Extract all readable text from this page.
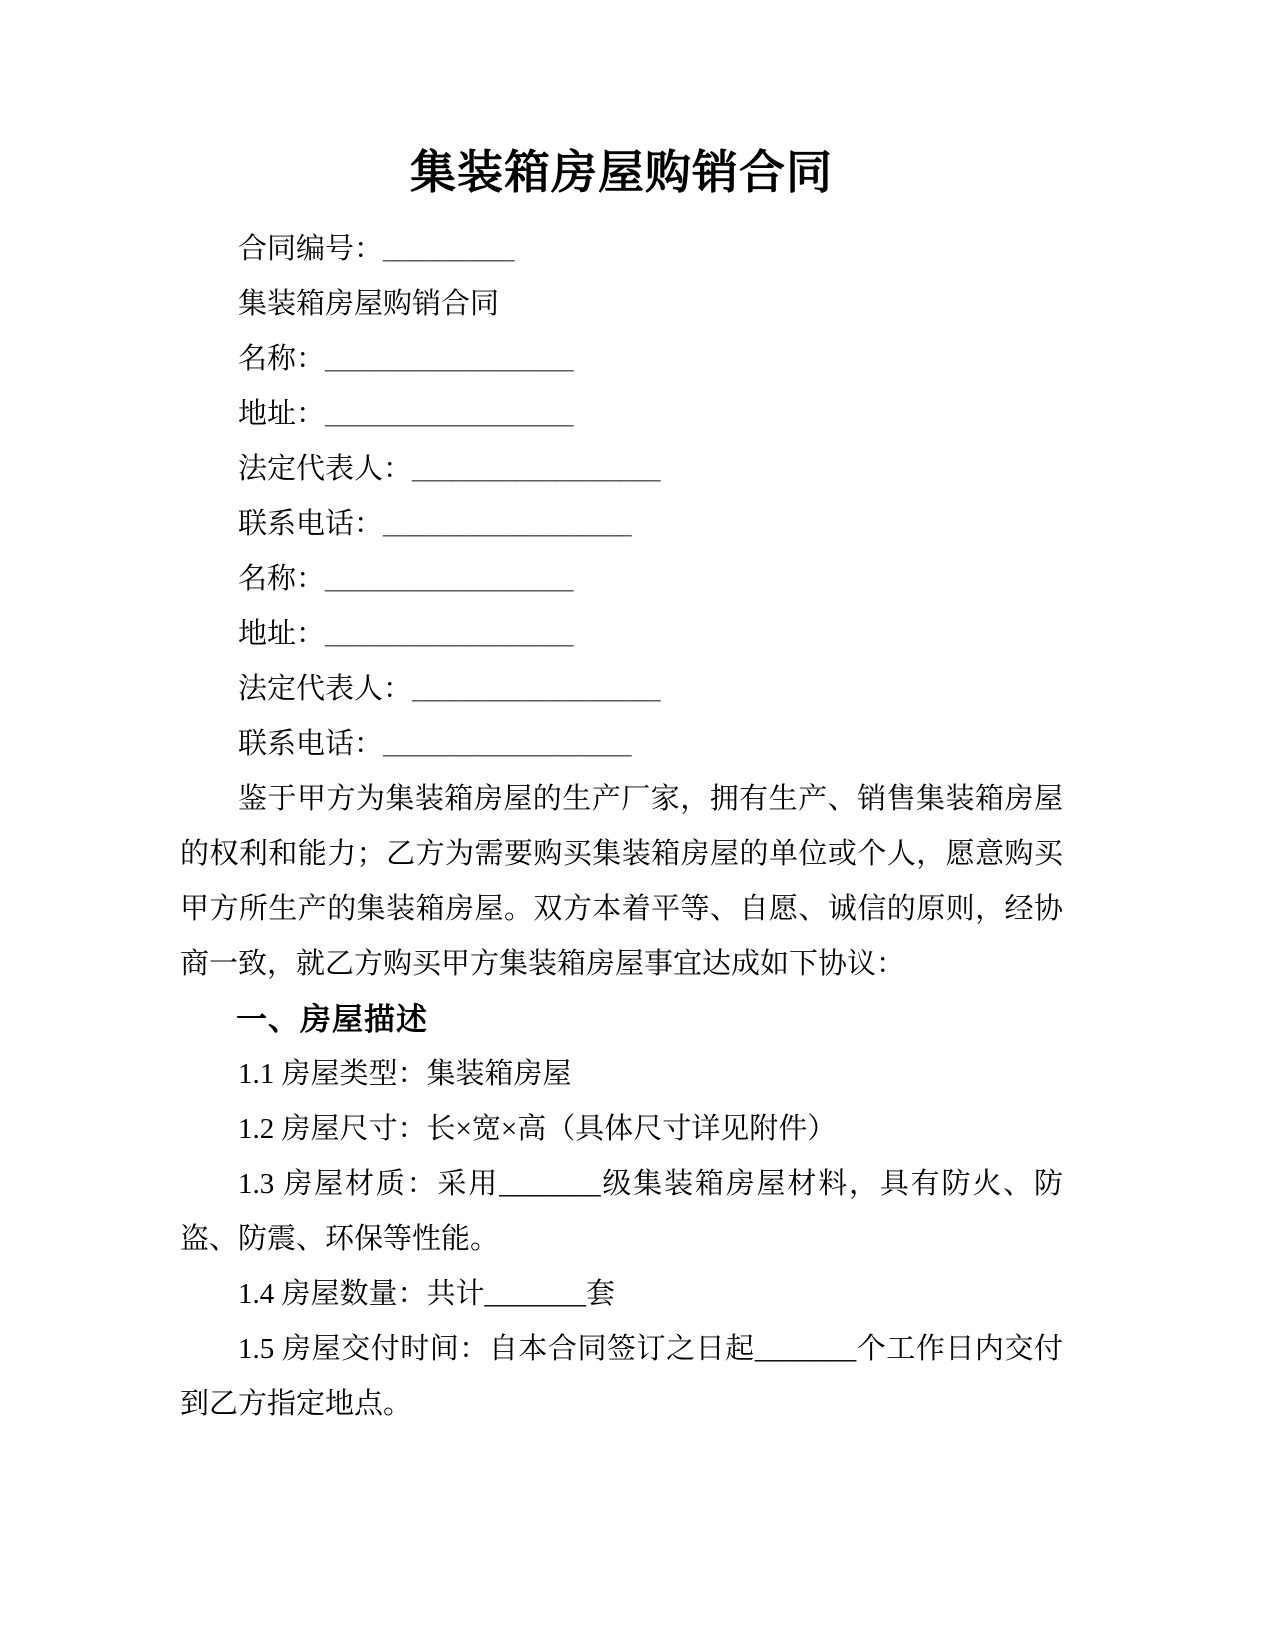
集装箱房屋购销合同

合同编号：__________

集装箱房屋购销合同

名称：___________________

地址：___________________

法定代表人：___________________

联系电话：___________________

名称：___________________

地址：___________________

法定代表人：___________________

联系电话：___________________

鉴于甲方为集装箱房屋的生产厂家，拥有生产、销售集装箱房屋的权利和能力；乙方为需要购买集装箱房屋的单位或个人，愿意购买甲方所生产的集装箱房屋。双方本着平等、自愿、诚信的原则，经协商一致，就乙方购买甲方集装箱房屋事宜达成如下协议：

一、房屋描述

1.1 房屋类型：集装箱房屋

1.2 房屋尺寸：长×宽×高（具体尺寸详见附件）

1.3 房屋材质：采用_______级集装箱房屋材料，具有防火、防盗、防震、环保等性能。

1.4 房屋数量：共计_______套

1.5 房屋交付时间：自本合同签订之日起_______个工作日内交付到乙方指定地点。
